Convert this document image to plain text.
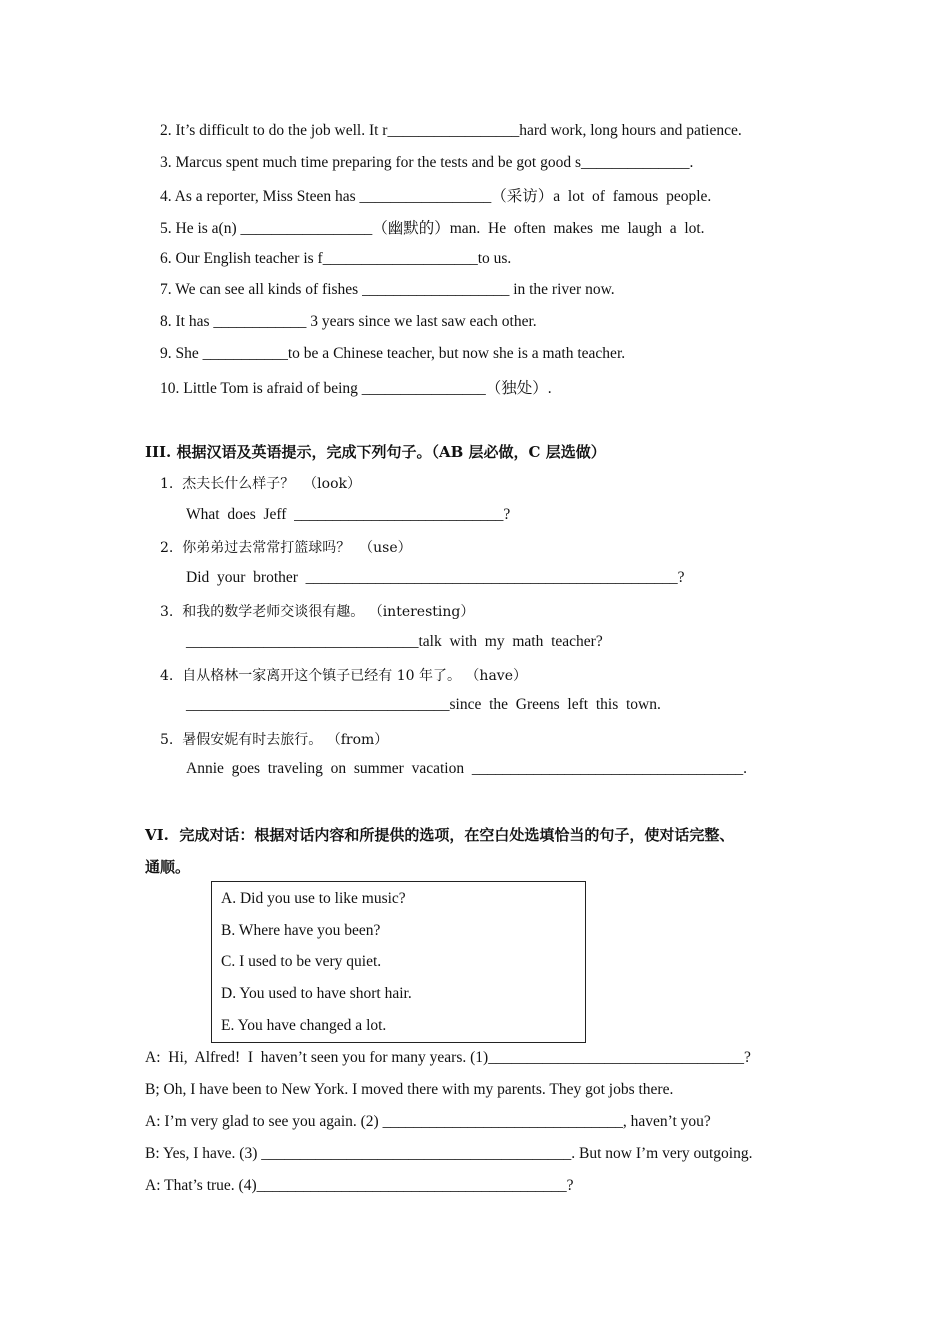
2. It’s difficult to do the job well. It r_________________hard work, long hours and patience.
3. Marcus spent much time preparing for the tests and be got good s______________.
4. As a reporter, Miss Steen has _________________（采访）a  lot  of  famous  people.
5. He is a(n) _________________（幽默的）man.  He  often  makes  me  laugh  a  lot.
6. Our English teacher is f____________________to us.
7. We can see all kinds of fishes ___________________ in the river now.
8. It has ____________ 3 years since we last saw each other.
9. She ___________to be a Chinese teacher, but now she is a math teacher.
10. Little Tom is afraid of being ________________（独处）.
III. 根据汉语及英语提示，完成下列句子。（AB 层必做，C 层选做）
1.  杰夫长什么样子？  （look）
What  does  Jeff  ___________________________?
2.  你弟弟过去常常打篮球吗？  （use）
Did  your  brother  ________________________________________________?
3.  和我的数学老师交谈很有趣。 （interesting）
______________________________talk  with  my  math  teacher?
4.  自从格林一家离开这个镇子已经有 10 年了。 （have）
__________________________________since  the  Greens  left  this  town.
5.  暑假安妮有时去旅行。 （from）
Annie  goes  traveling  on  summer  vacation  ___________________________________.
VI.  完成对话：根据对话内容和所提供的选项，在空白处选填恰当的句子，使对话完整、
通顺。
A. Did you use to like music?
B. Where have you been?
C. I used to be very quiet.
D. You used to have short hair.
E. You have changed a lot.
A:  Hi,  Alfred!  I  haven’t seen you for many years. (1)_________________________________?
B; Oh, I have been to New York. I moved there with my parents. They got jobs there.
A: I’m very glad to see you again. (2) _______________________________, haven’t you?
B: Yes, I have. (3) ________________________________________. But now I’m very outgoing.
A: That’s true. (4)________________________________________?
